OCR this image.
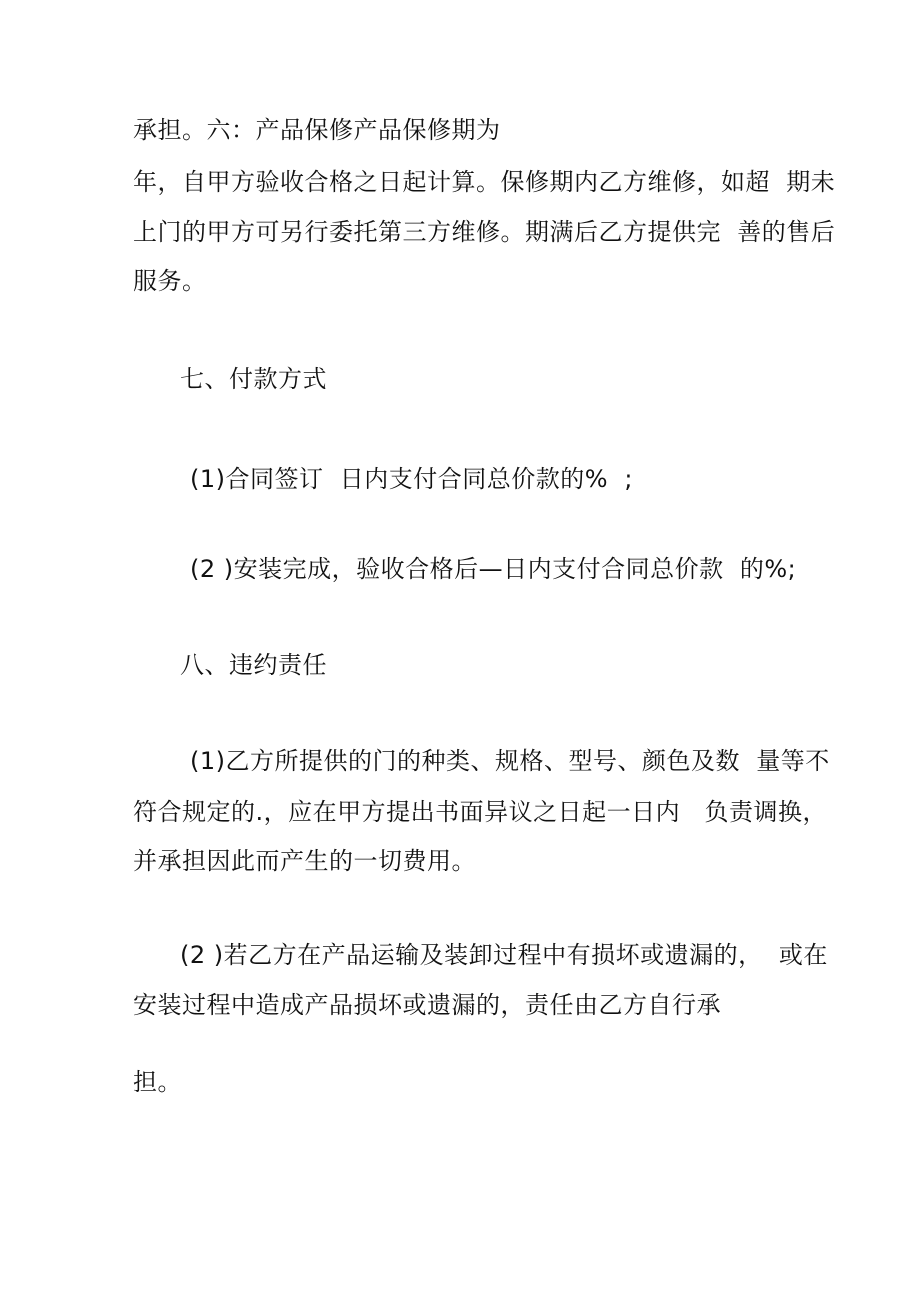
承担。六：产品保修产品保修期为
年，自甲方验收合格之日起计算。保修期内乙方维修，如超  期未
上门的甲方可另行委托第三方维修。期满后乙方提供完  善的售后
服务。
七、付款方式
(1)合同签订  日内支付合同总价款的%  ;
(2 )安装完成，验收合格后—日内支付合同总价款  的%;
八、违约责任
(1)乙方所提供的门的种类、规格、型号、颜色及数  量等不
符合规定的.，应在甲方提出书面异议之日起一日内   负责调换，
并承担因此而产生的一切费用。
(2 )若乙方在产品运输及装卸过程中有损坏或遗漏的，  或在
安装过程中造成产品损坏或遗漏的，责任由乙方自行承
担。
